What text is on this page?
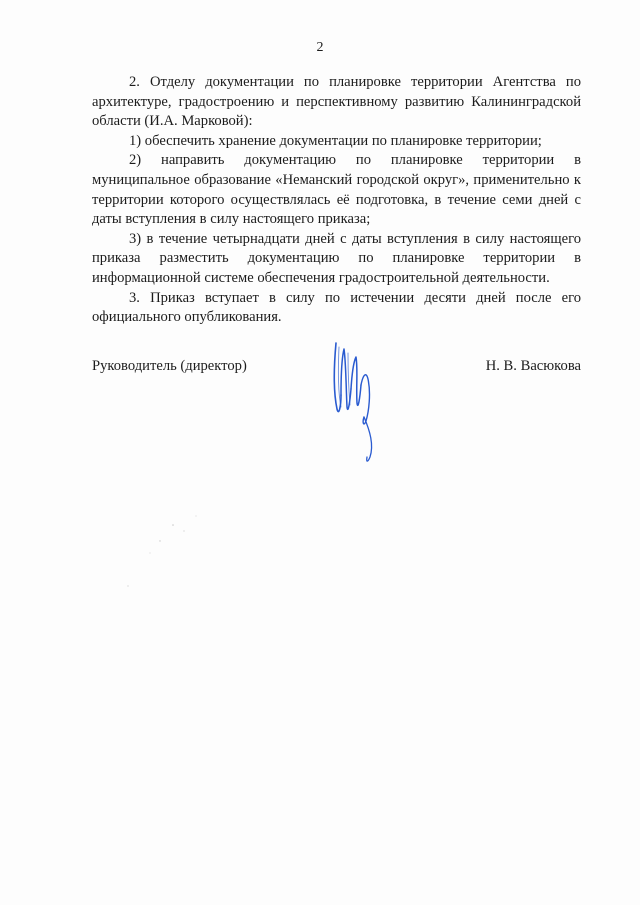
2

2. Отделу документации по планировке территории Агентства по архитектуре, градостроению и перспективному развитию Калининградской области (И.А. Марковой):

1) обеспечить хранение документации по планировке территории;

2) направить документацию по планировке территории в муниципальное образование «Неманский городской округ», применительно к территории которого осуществлялась её подготовка, в течение семи дней с даты вступления в силу настоящего приказа;

3) в течение четырнадцати дней с даты вступления в силу настоящего приказа разместить документацию по планировке территории в информационной системе обеспечения градостроительной деятельности.

3. Приказ вступает в силу по истечении десяти дней после его официального опубликования.

Руководитель (директор)	Н. В. Васюкова
